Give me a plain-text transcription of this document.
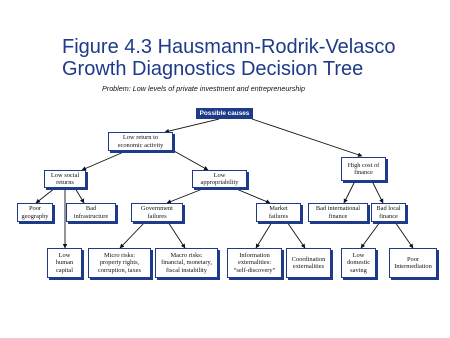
Figure 4.3 Hausmann-Rodrik-Velasco
Growth Diagnostics Decision Tree

Problem: Low levels of private investment and entrepreneurship

Possible causes
Low return to
economic activity
High cost of
finance
Low social
returns
Low
appropriability
Poor
geography
Bad
infrastructure
Government
failures
Market
failures
Bad international
finance
Bad local
finance
Low
human
capital
Micro risks:
property rights,
corruption, taxes
Macro risks:
financial, monetary,
fiscal instability
Information
externalities:
“self-discovery”
Coordination
externalities
Low
domestic
saving
Poor
Intermediation
